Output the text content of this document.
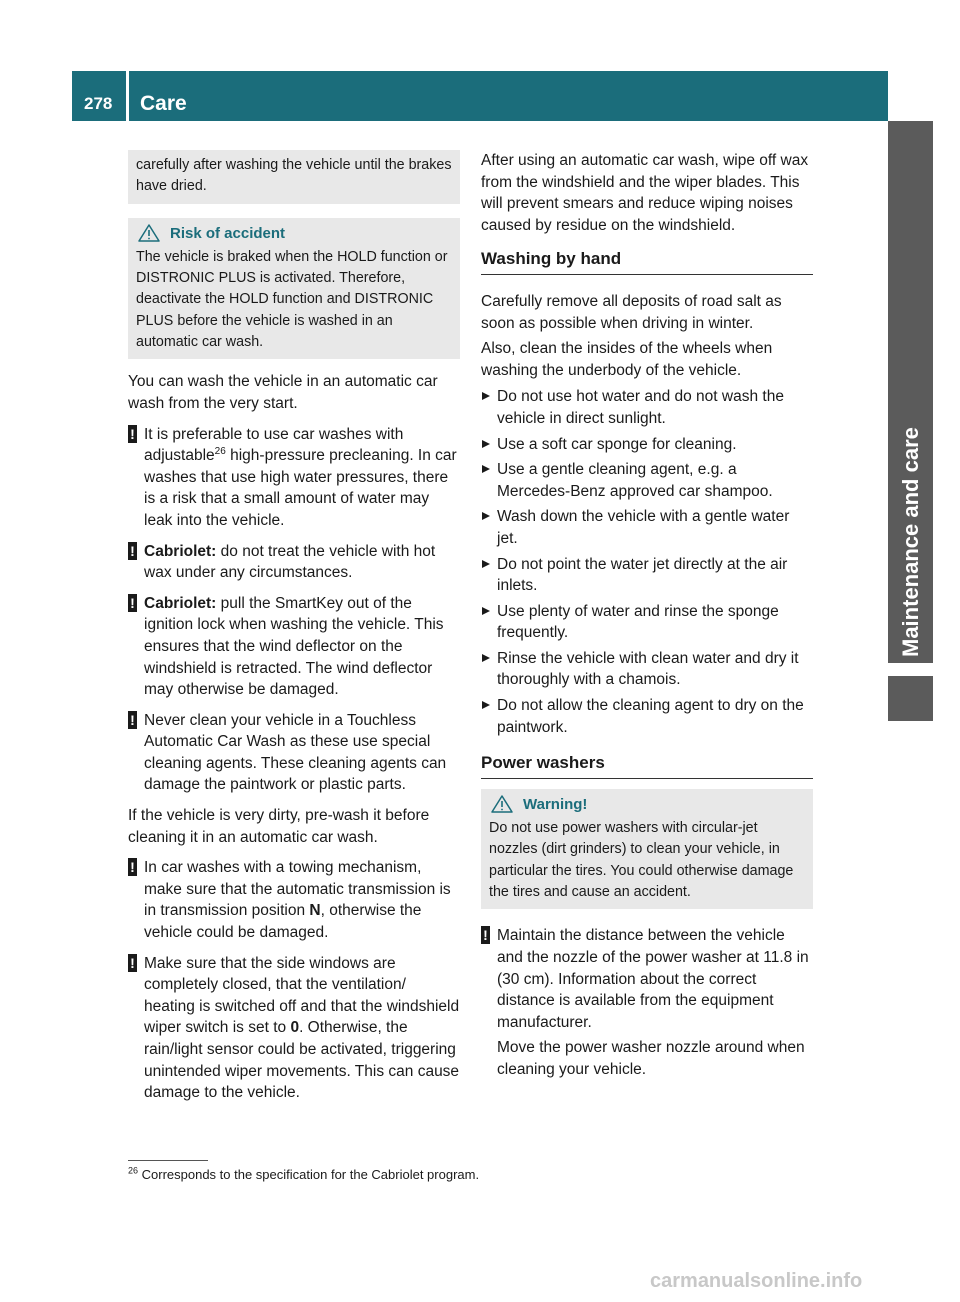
278	Care
Maintenance and care
carefully after washing the vehicle until the brakes have dried.
Risk of accident
The vehicle is braked when the HOLD function or DISTRONIC PLUS is activated. Therefore, deactivate the HOLD function and DISTRONIC PLUS before the vehicle is washed in an automatic car wash.

You can wash the vehicle in an automatic car wash from the very start.

! It is preferable to use car washes with adjustable$^{26}$ high-pressure precleaning. In car washes that use high water pressures, there is a risk that a small amount of water may leak into the vehicle.
! Cabriolet: do not treat the vehicle with hot wax under any circumstances.
! Cabriolet: pull the SmartKey out of the ignition lock when washing the vehicle. This ensures that the wind deflector on the windshield is retracted. The wind deflector may otherwise be damaged.
! Never clean your vehicle in a Touchless Automatic Car Wash as these use special cleaning agents. These cleaning agents can damage the paintwork or plastic parts.

If the vehicle is very dirty, pre-wash it before cleaning it in an automatic car wash.

! In car washes with a towing mechanism, make sure that the automatic transmission is in transmission position N, otherwise the vehicle could be damaged.
! Make sure that the side windows are completely closed, that the ventilation/ heating is switched off and that the windshield wiper switch is set to 0. Otherwise, the rain/light sensor could be activated, triggering unintended wiper movements. This can cause damage to the vehicle.

After using an automatic car wash, wipe off wax from the windshield and the wiper blades. This will prevent smears and reduce wiping noises caused by residue on the windshield.

Washing by hand

Carefully remove all deposits of road salt as soon as possible when driving in winter.

Also, clean the insides of the wheels when washing the underbody of the vehicle.

Do not use hot water and do not wash the vehicle in direct sunlight.
Use a soft car sponge for cleaning.
Use a gentle cleaning agent, e.g. a Mercedes-Benz approved car shampoo.
Wash down the vehicle with a gentle water jet.
Do not point the water jet directly at the air inlets.
Use plenty of water and rinse the sponge frequently.
Rinse the vehicle with clean water and dry it thoroughly with a chamois.
Do not allow the cleaning agent to dry on the paintwork.
Power washers
Warning!
Do not use power washers with circular-jet nozzles (dirt grinders) to clean your vehicle, in particular the tires. You could otherwise damage the tires and cause an accident.
! Maintain the distance between the vehicle and the nozzle of the power washer at 11.8 in (30 cm). Information about the correct distance is available from the equipment manufacturer.
Move the power washer nozzle around when cleaning your vehicle.
$^{26}$ Corresponds to the specification for the Cabriolet program.
carmanualsonline.info
